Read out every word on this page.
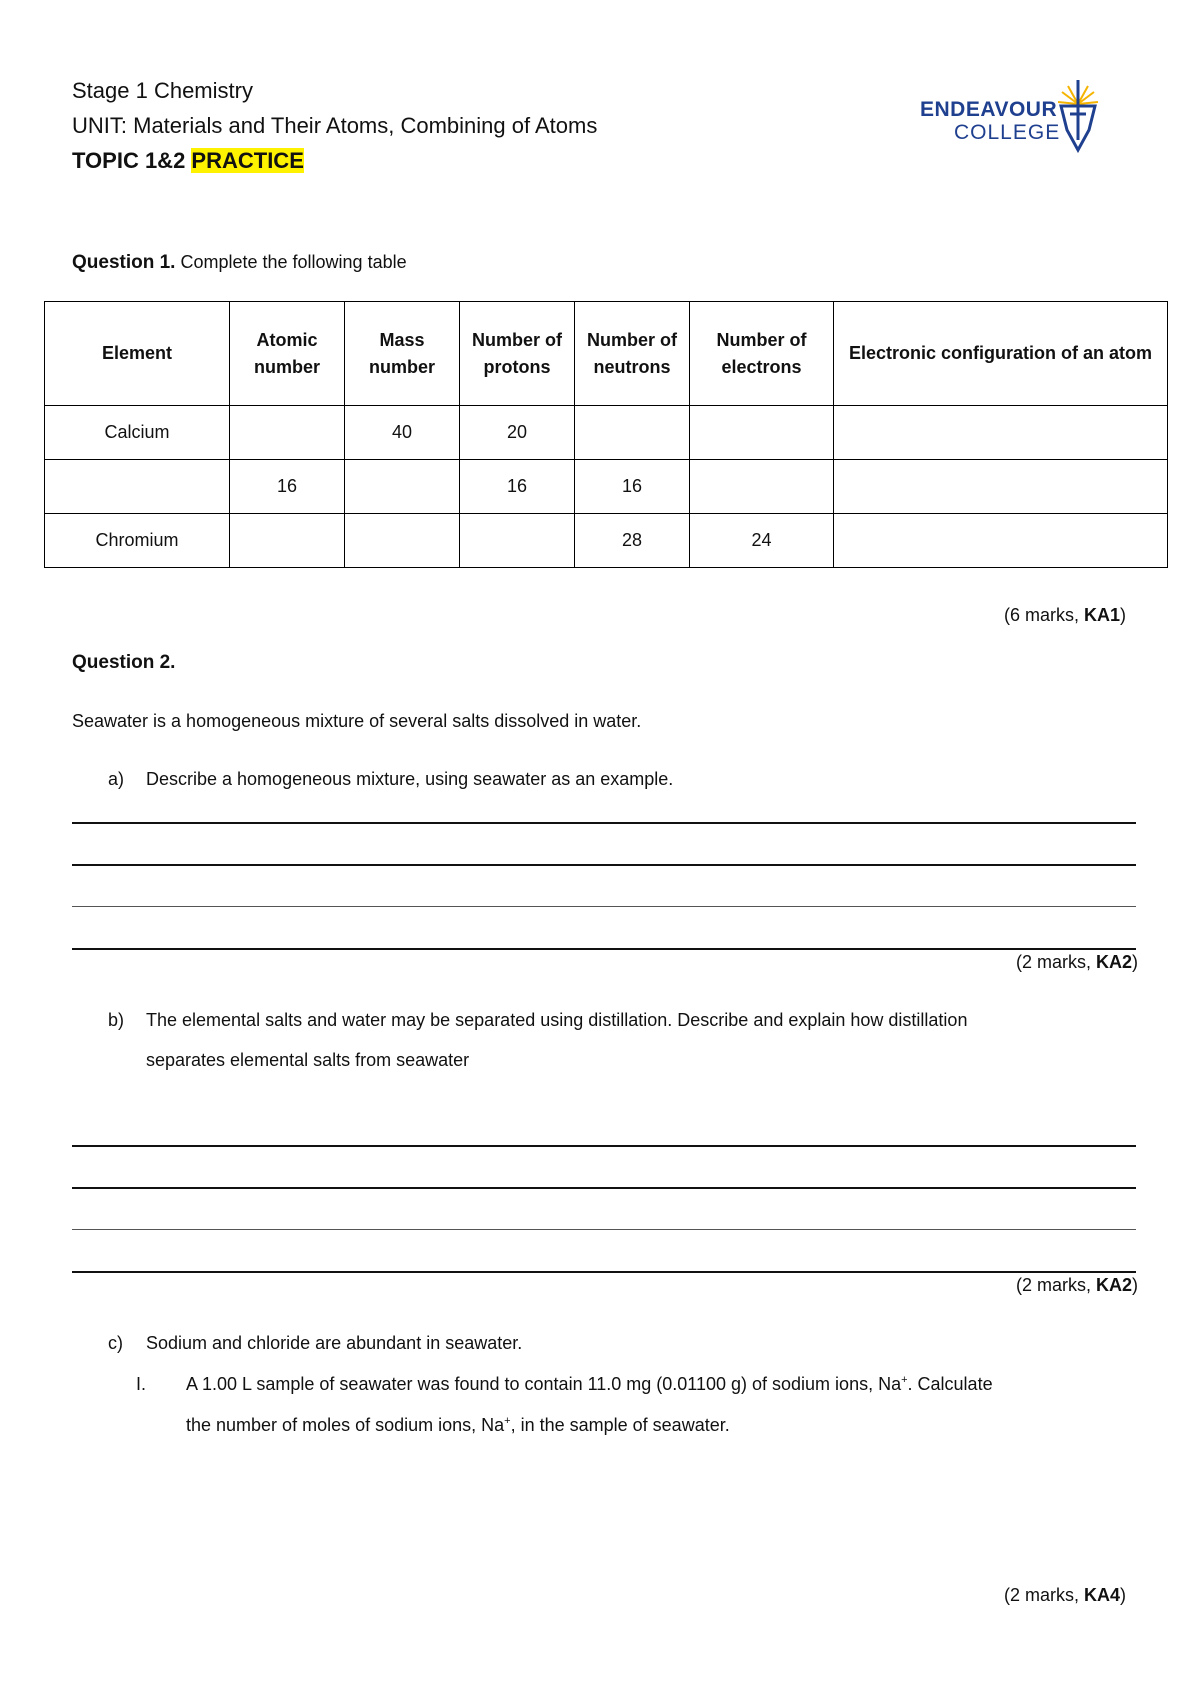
Stage 1 Chemistry
UNIT: Materials and Their Atoms, Combining of Atoms
TOPIC 1&2 PRACTICE
ENDEAVOUR
COLLEGE
Question 1. Complete the following table
Element	Atomic number	Mass number	Number of protons	Number of neutrons	Number of electrons	Electronic configuration of an atom
Calcium		40	20			
	16		16	16		
Chromium				28	24	
(6 marks, KA1)
Question 2.
Seawater is a homogeneous mixture of several salts dissolved in water.
a) Describe a homogeneous mixture, using seawater as an example.
(2 marks, KA2)
b) The elemental salts and water may be separated using distillation. Describe and explain how distillation
separates elemental salts from seawater
(2 marks, KA2)
c) Sodium and chloride are abundant in seawater.
I. A 1.00 L sample of seawater was found to contain 11.0 mg (0.01100 g) of sodium ions, Na+. Calculate
the number of moles of sodium ions, Na+, in the sample of seawater.
(2 marks, KA4)
